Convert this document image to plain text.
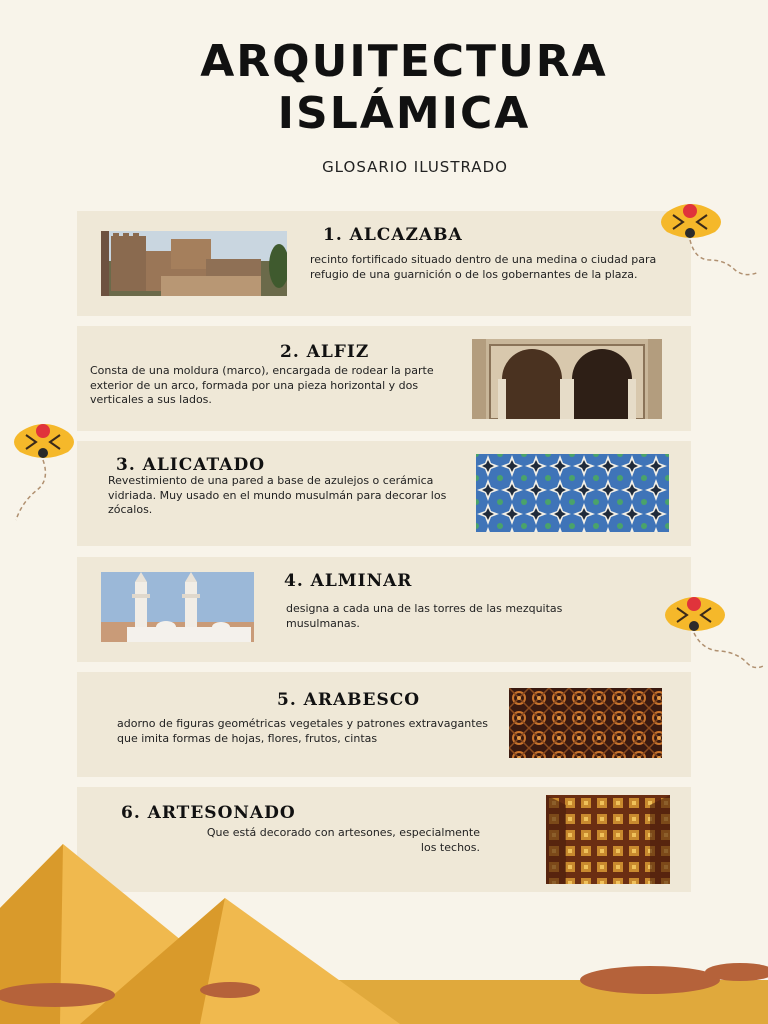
ARQUITECTURA
ISLÁMICA
GLOSARIO ILUSTRADO
1. ALCAZABA
recinto fortificado situado dentro de una medina o ciudad para refugio de una guarnición o de los gobernantes de la plaza.
2. ALFIZ
Consta de una moldura (marco), encargada de rodear la parte exterior de un arco, formada por una pieza horizontal y dos verticales a sus lados.
3. ALICATADO
Revestimiento de una pared a base de azulejos o cerámica vidriada. Muy usado en el mundo musulmán para decorar los zócalos.
4. ALMINAR
designa a cada una de las torres de las mezquitas musulmanas.
5. ARABESCO
adorno de figuras geométricas vegetales y patrones extravagantes que imita formas de hojas, flores, frutos, cintas
6. ARTESONADO
Que está decorado con artesones, especialmente los techos.
